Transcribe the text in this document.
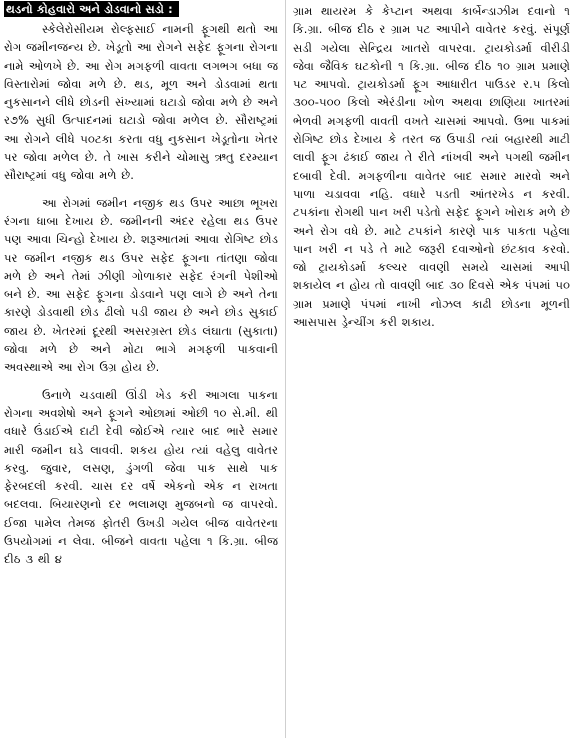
થડનો કોહવારો અને ડોડવાનો સડો :

સ્કેલેરોસીયમ રોલ્ફસાઈ નામની ફૂગથી થતો આ રોગ જમીનજન્ય છે. ખેડૂતો આ રોગને સફેદ ફૂગના રોગના નામે ઓળખે છે. આ રોગ મગફળી વાવતા લગભગ બધા જ વિસ્તારોમાં જોવા મળે છે. થડ, મૂળ અને ડોડવામાં થતા નુકસાનને લીધે છોડની સંખ્યામાં ઘટાડો જોવા મળે છે અને ર૭% સુધી ઉત્પાદનમાં ઘટાડો જોવા મળેલ છે. સૌરાષ્ટ્રમાં આ રોગને લીધે ૫૦ટકા કરતા વધુ નુકસાન ખેડૂતોના ખેતર પર જોવા મળેલ છે. તે ખાસ કરીને ચોમાસુ ઋતુ દરમ્યાન સૌરાષ્ટ્રમાં વધુ જોવા મળે છે.

આ રોગમાં જમીન નજીક થડ ઉપર આછા ભૂખરા રંગના ધાબા દેખાય છે. જમીનની અંદર રહેલા થડ ઉપર પણ આવા ચિન્હો દેખાય છે. શરૂઆતમાં આવા રોગિષ્ટ છોડ પર જમીન નજીક થડ ઉપર સફેદ ફૂગના તાંતણા જોવા મળે છે અને તેમાં ઝીણી ગોળાકાર સફેદ રંગની પેશીઓ બને છે. આ સફેદ ફૂગના ડોડવાને પણ લાગે છે અને તેના કારણે ડોડવાથી છોડ ઢીલો પડી જાય છે અને છોડ સુકાઈ જાય છે. ખેતરમાં દૂરથી અસરગ્રસ્ત છોડ લંઘાતા (સુકાતા) જોવા મળે છે અને મોટા ભાગે મગફળી પાકવાની અવસ્થાએ આ રોગ ઉગ્ર હોય છે.

ઉનાળે ચડવાથી ઊંડી ખેડ કરી આગલા પાકના રોગના અવશેષો અને ફૂગને ઓછામાં ઓછી ૧૦ સે.મી. થી વધારે ઉંડાઈએ દાટી દેવી જોઈએ ત્યાર બાદ ભારે સમાર મારી જમીન ઘડે લાવવી. શકય હોય ત્યાં વહેલુ વાવેતર કરવુ. જુવાર, લસણ, ડુંગળી જેવા પાક સાથે પાક ફેરબદલી કરવી. ચાસ દર વર્ષે એકનો એક ન રાખતા બદલવા. બિયારણનો દર ભલામણ મુજબનો જ વાપરવો. ઈજા પામેલ તેમજ ફોતરી ઉખડી ગયેલ બીજ વાવેતરના ઉપયોગમાં ન લેવા. બીજને વાવતા પહેલા ૧ કિ.ગ્રા. બીજ દીઠ ૩ થી ૪

ગ્રામ થાયરમ કે કેપ્ટાન અથવા કાર્બેન્ડાઝીમ દવાનો ૧ કિ.ગ્રા. બીજ દીઠ ર ગ્રામ પટ આપીને વાવેતર કરવું. સંપૂર્ણ સડી ગયેલા સેન્દ્રિય ખાતરો વાપરવા. ટ્રાયકોડર્મા વીરીડી જેવા જૈવિક ઘટકોની ૧ કિ.ગ્રા. બીજ દીઠ ૧૦ ગ્રામ પ્રમાણે પટ આપવો. ટ્રાયકોડર્મા ફૂગ આધારીત પાઉડર ર.૫ કિલો ૩૦૦-૫૦૦ કિલો એરંડીના ખોળ અથવા છાણિયા ખાતરમાં ભેળવી મગફળી વાવતી વખતે ચાસમાં આપવો. ઉભા પાકમાં રોગિષ્ટ છોડ દેખાય કે તરત જ ઉપાડી ત્યાં બહારથી માટી લાવી ફૂગ ઢંકાઈ જાય તે રીતે નાંખવી અને પગથી જમીન દબાવી દેવી. મગફળીના વાવેતર બાદ સમાર મારવો અને પાળા ચડાવવા નહિ. વધારે પડતી આંતરખેડ ન કરવી. ટપકાંના રોગથી પાન ખરી પડેતો સફેદ ફૂગને ખોરાક મળે છે અને રોગ વધે છે. માટે ટપકાંને કારણે પાક પાકતા પહેલા પાન ખરી ન પડે તે માટે જરૂરી દવાઓનો છંટકાવ કરવો. જો ટ્રાયકોડર્મા કલ્ચર વાવણી સમયે ચાસમાં આપી શકાયેલ ન હોય તો વાવણી બાદ ૩૦ દિવસે એક પંપમાં ૫૦ ગ્રામ પ્રમાણે પંપમાં નાખી નોઝલ કાઢી છોડના મૂળની આસપાસ ડ્રેન્ચીંગ કરી શકાય.
